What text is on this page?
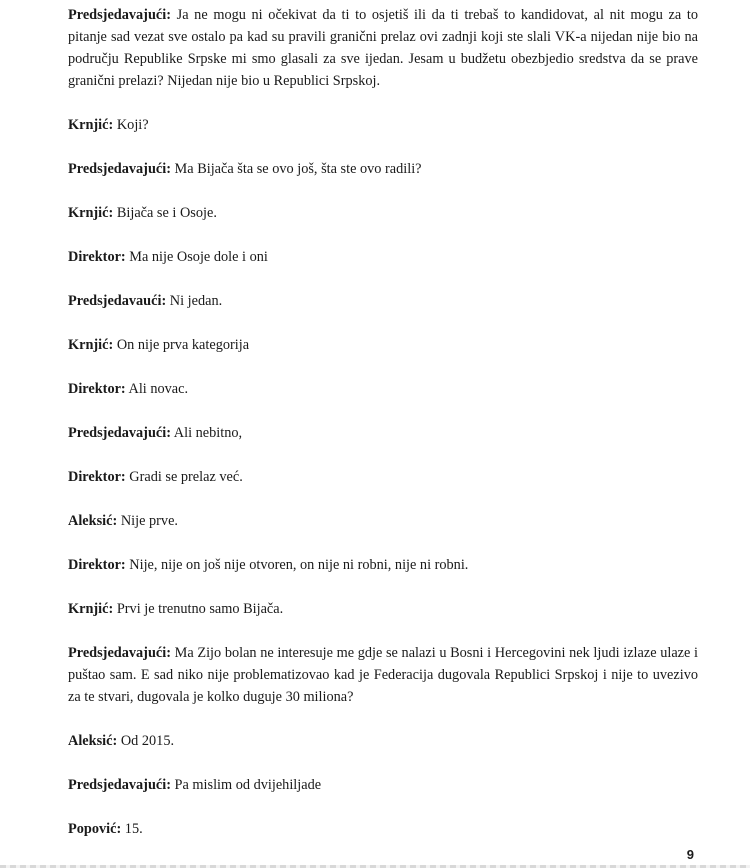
Predsjedavajući: Ja ne mogu ni očekivat da ti to osjetiš ili da ti trebaš to kandidovat, al nit mogu za to pitanje sad vezat sve ostalo pa kad su pravili granični prelaz ovi zadnji koji ste slali VK-a nijedan nije bio na području Republike Srpske mi smo glasali za sve ijedan. Jesam u budžetu obezbjedio sredstva da se prave granični prelazi? Nijedan nije bio u Republici Srpskoj.

Krnjić: Koji?

Predsjedavajući: Ma Bijača šta se ovo još, šta ste ovo radili?

Krnjić: Bijača se i Osoje.

Direktor: Ma nije Osoje dole i oni

Predsjedavaući: Ni jedan.

Krnjić: On nije prva kategorija

Direktor: Ali novac.

Predsjedavajući: Ali nebitno,

Direktor: Gradi se prelaz već.

Aleksić: Nije prve.

Direktor: Nije, nije on još nije otvoren, on nije ni robni, nije ni robni.

Krnjić: Prvi je trenutno samo Bijača.

Predsjedavajući: Ma Zijo bolan ne interesuje me gdje se nalazi u Bosni i Hercegovini nek ljudi izlaze ulaze i puštao sam. E sad niko nije problematizovao kad je Federacija dugovala Republici Srpskoj i nije to uvezivo za te stvari, dugovala je kolko duguje 30 miliona?

Aleksić: Od 2015.

Predsjedavajući: Pa mislim od dvijehiljade

Popović: 15.

9
